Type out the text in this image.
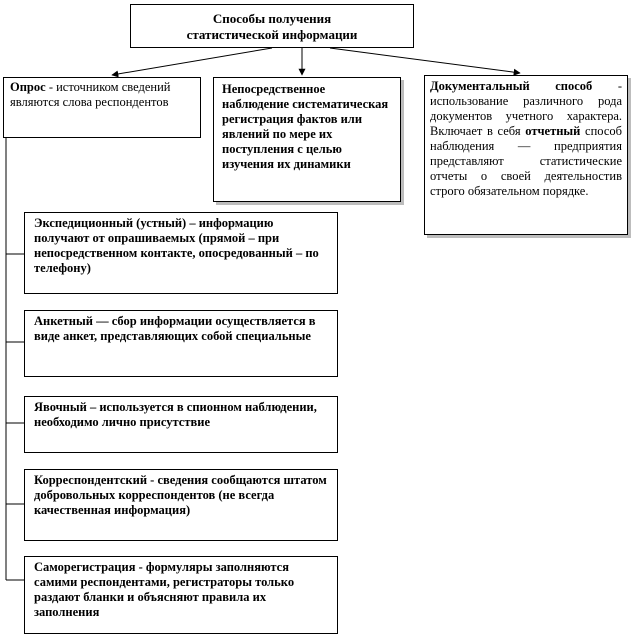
Способы получения
статистической информации
Опрос - источником сведений являются слова респондентов
Непосредственное наблюдение систематическая регистрация фактов или явлений по мере их поступления с целью изучения их динамики
Документальный способ - использование различного рода документов учетного характера. Включает в себя отчетный способ наблюдения — предприятия представляют статистические отчеты о своей деятельностив строго обязательном порядке.
Экспедиционный (устный) – информацию получают от опрашиваемых (прямой – при непосредственном контакте, опосредованный – по телефону)
Анкетный — сбор информации осуществляется в виде анкет, представляющих собой специальные
Явочный – используется в спионном наблюдении, необходимо лично присутствие
Корреспондентский - сведения сообщаются штатом добровольных корреспондентов (не всегда качественная информация)
Саморегистрация - формуляры заполняются самими респондентами, регистраторы только раздают бланки и объясняют правила их заполнения
